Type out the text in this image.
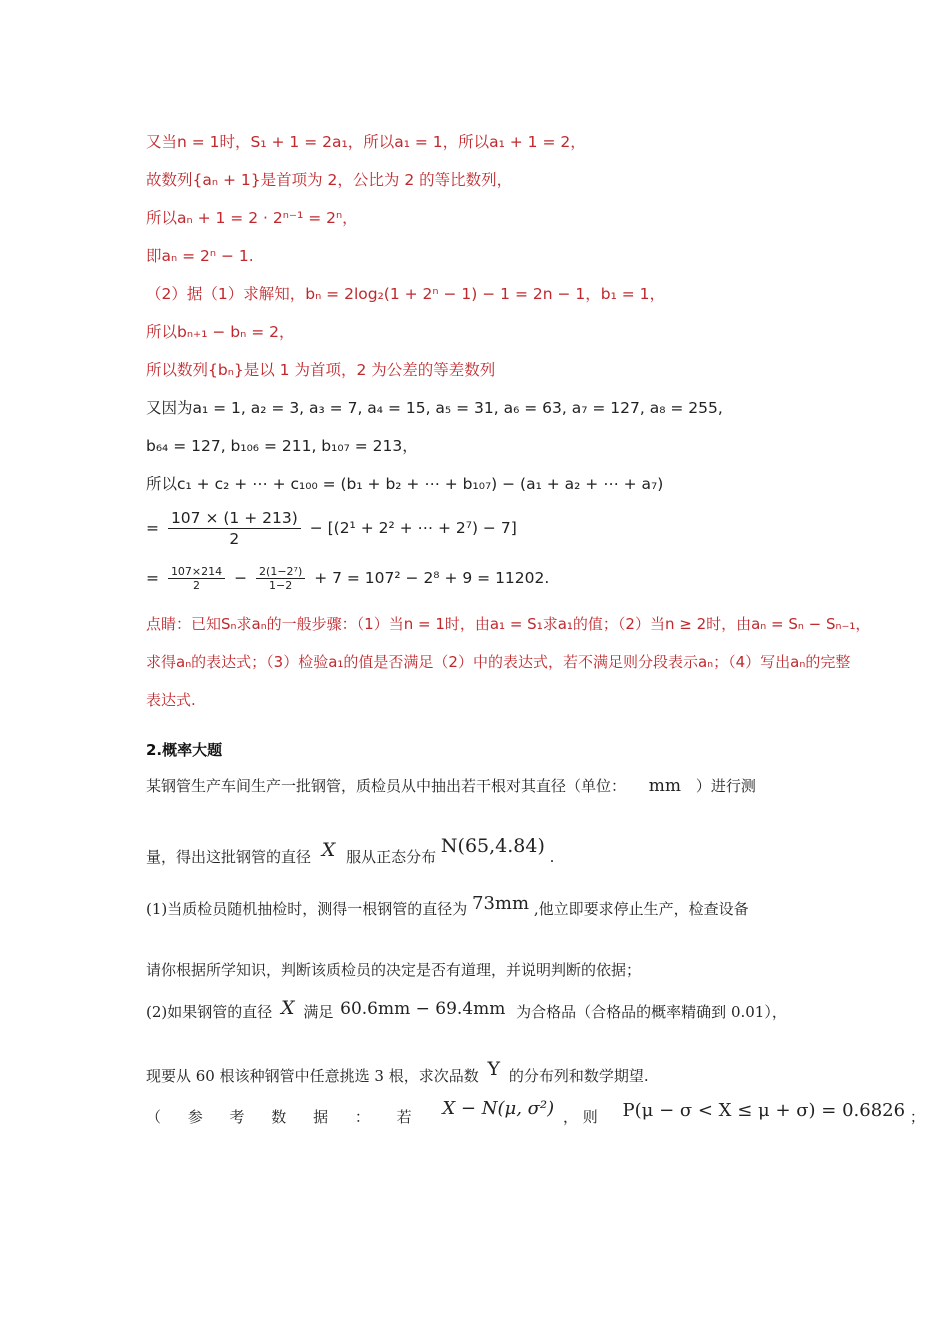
又当n = 1时，S₁ + 1 = 2a₁，所以a₁ = 1，所以a₁ + 1 = 2，
故数列{aₙ + 1}是首项为 2，公比为 2 的等比数列，
所以aₙ + 1 = 2 · 2ⁿ⁻¹ = 2ⁿ，
即aₙ = 2ⁿ − 1.
（2）据（1）求解知，bₙ = 2log₂(1 + 2ⁿ − 1) − 1 = 2n − 1，b₁ = 1，
所以bₙ₊₁ − bₙ = 2，
所以数列{bₙ}是以 1 为首项，2 为公差的等差数列
又因为a₁ = 1, a₂ = 3, a₃ = 7, a₄ = 15, a₅ = 31, a₆ = 63, a₇ = 127, a₈ = 255,
b₆₄ = 127, b₁₀₆ = 211, b₁₀₇ = 213，
所以c₁ + c₂ + ⋯ + c₁₀₀ = (b₁ + b₂ + ⋯ + b₁₀₇) − (a₁ + a₂ + ⋯ + a₇)
= $\frac{107 \times (1 + 213)}{2} - [(2^1 + 2^2$ + ⋯ + 2⁷) − 7]
= $\frac{107\times 214}{2} - \frac{\text{2(1−2⁷)}}{1-2} + 7 = 107^2 - 2^8 + 9 = 11202$.
点睛：已知Sₙ求aₙ的一般步骤：（1）当n = 1时，由a₁ = S₁求a₁的值；（2）当n ≥ 2时，由aₙ = Sₙ − Sₙ₋₁，
求得aₙ的表达式；（3）检验a₁的值是否满足（2）中的表达式，若不满足则分段表示aₙ；（4）写出aₙ的完整
表达式.
2.概率大题
某钢管生产车间生产一批钢管，质检员从中抽出若干根对其直径（单位： mm ）进行测
量，得出这批钢管的直径 X 服从正态分布 N(65,4.84) .
(1)当质检员随机抽检时，测得一根钢管的直径为 73mm ,他立即要求停止生产，检查设备
请你根据所学知识，判断该质检员的决定是否有道理，并说明判断的依据；
(2)如果钢管的直径 X 满足 60.6mm − 69.4mm 为合格品（合格品的概率精确到 0.01），
现要从 60 根该种钢管中任意挑选 3 根，求次品数 Y 的分布列和数学期望.
（ 参 考 数 据 ： 若 X − N(μ, σ²) ， 则 P(μ − σ < X ≤ μ + σ) = 0.6826 ；
